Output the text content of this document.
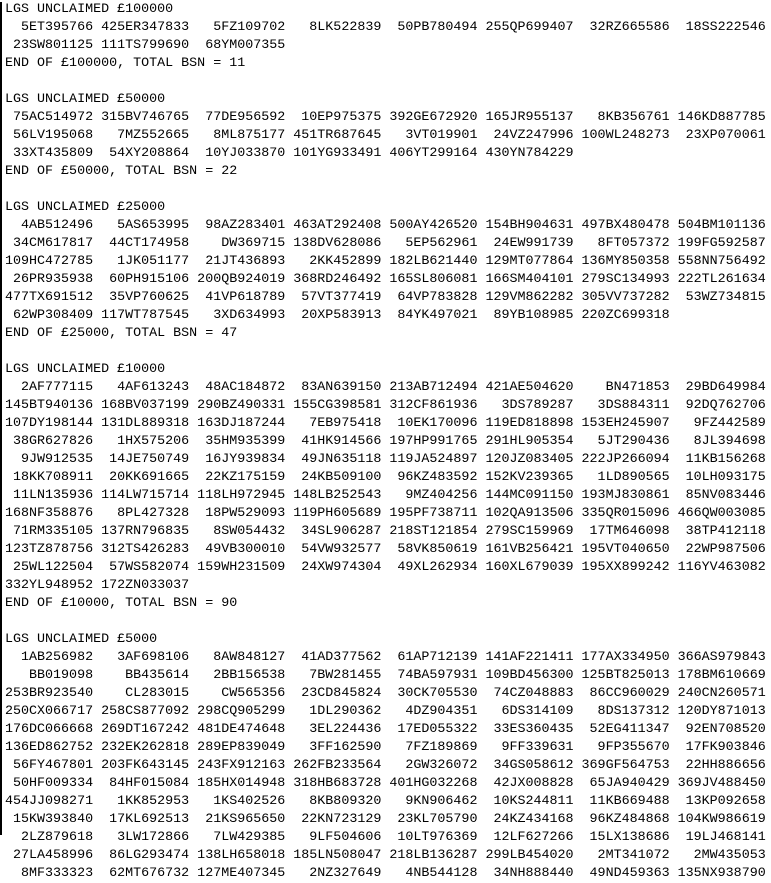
LGS UNCLAIMED £100000
5ET395766 425ER347833   5FZ109702   8LK522839  50PB780494 255QP699407  32RZ665586  18SS222546
23SW801125 111TS799690  68YM007355
END OF £100000, TOTAL BSN = 11
LGS UNCLAIMED £50000
75AC514972 315BV746765  77DE956592  10EP975375 392GE672920 165JR955137   8KB356761 146KD887785
56LV195068   7MZ552665   8ML875177 451TR687645   3VT019901  24VZ247996 100WL248273  23XP070061
33XT435809  54XY208864  10YJ033870 101YG933491 406YT299164 430YN784229
END OF £50000, TOTAL BSN = 22
LGS UNCLAIMED £25000
4AB512496   5AS653995  98AZ283401 463AT292408 500AY426520 154BH904631 497BX480478 504BM101136
34CM617817  44CT174958    DW369715 138DV628086   5EP562961  24EW991739   8FT057372 199FG592587
109HC472785   1JK051177  21JT436893   2KK452899 182LB621440 129MT077864 136MY850358 558NN756492
26PR935938  60PH915106 200QB924019 368RD246492 165SL806081 166SM404101 279SC134993 222TL261634
477TX691512  35VP760625  41VP618789  57VT377419  64VP783828 129VM862282 305VV737282  53WZ734815
62WP308409 117WT787545   3XD634993  20XP583913  84YK497021  89YB108985 220ZC699318
END OF £25000, TOTAL BSN = 47
LGS UNCLAIMED £10000
2AF777115   4AF613243  48AC184872  83AN639150 213AB712494 421AE504620    BN471853  29BD649984
145BT940136 168BV037199 290BZ490331 155CG398581 312CF861936   3DS789287   3DS884311  92DQ762706
107DY198144 131DL889318 163DJ187244   7EB975418  10EK170096 119ED818898 153EH245907   9FZ442589
38GR627826   1HX575206  35HM935399  41HK914566 197HP991765 291HL905354   5JT290436   8JL394698
9JW912535  14JE750749  16JY939834  49JN635118 119JA524897 120JZ083405 222JP266094  11KB156268
18KK708911  20KK691665  22KZ175159  24KB509100  96KZ483592 152KV239365   1LD890565  10LH093175
11LN135936 114LW715714 118LH972945 148LB252543   9MZ404256 144MC091150 193MJ830861  85NV083446
168NF358876   8PL427328  18PW529093 119PH605689 195PF738711 102QA913506 335QR015096 466QW003085
71RM335105 137RN796835   8SW054432  34SL906287 218ST121854 279SC159969  17TM646098  38TP412118
123TZ878756 312TS426283  49VB300010  54VW932577  58VK850619 161VB256421 195VT040650  22WP987506
25WL122504  57WS582074 159WH231509  24XW974304  49XL262934 160XL679039 195XX899242 116YV463082
332YL948952 172ZN033037
END OF £10000, TOTAL BSN = 90
LGS UNCLAIMED £5000
1AB256982   3AF698106   8AW848127  41AD377562  61AP712139 141AF221411 177AX334950 366AS979843
BB019098    BB435614   2BB156538   7BW281455  74BA597931 109BD456300 125BT825013 178BM610669
253BR923540    CL283015    CW565356  23CD845824  30CK705530  74CZ048883  86CC960029 240CN260571
250CX066717 258CS877092 298CQ905299   1DL290362   4DZ904351   6DS314109   8DS137312 120DY871013
176DC066668 269DT167242 481DE474648   3EL224436  17ED055322  33ES360435  52EG411347  92EN708520
136ED862752 232EK262818 289EP839049   3FF162590   7FZ189869   9FF339631   9FP355670  17FK903846
56FY467801 203FK643145 243FX912163 262FB233564   2GW326072  34GS058612 369GF564753  22HH886656
50HF009334  84HF015084 185HX014948 318HB683728 401HG032268  42JX008828  65JA940429 369JV488450
454JJ098271   1KK852953   1KS402526   8KB809320   9KN906462  10KS244811  11KB669488  13KP092658
15KW393840  17KL692513  21KS965650  22KN723129  23KL705790  24KZ434168  96KZ484868 104KW986619
2LZ879618   3LW172866   7LW429385   9LF504606  10LT976369  12LF627266  15LX138686  19LJ468141
27LA458996  86LG293474 138LH658018 185LN508047 218LB136287 299LB454020   2MT341072   2MW435053
8MF333323  62MT676732 127ME407345   2NZ327649   4NB544128  34NH888440  49ND459363 135NX938790
